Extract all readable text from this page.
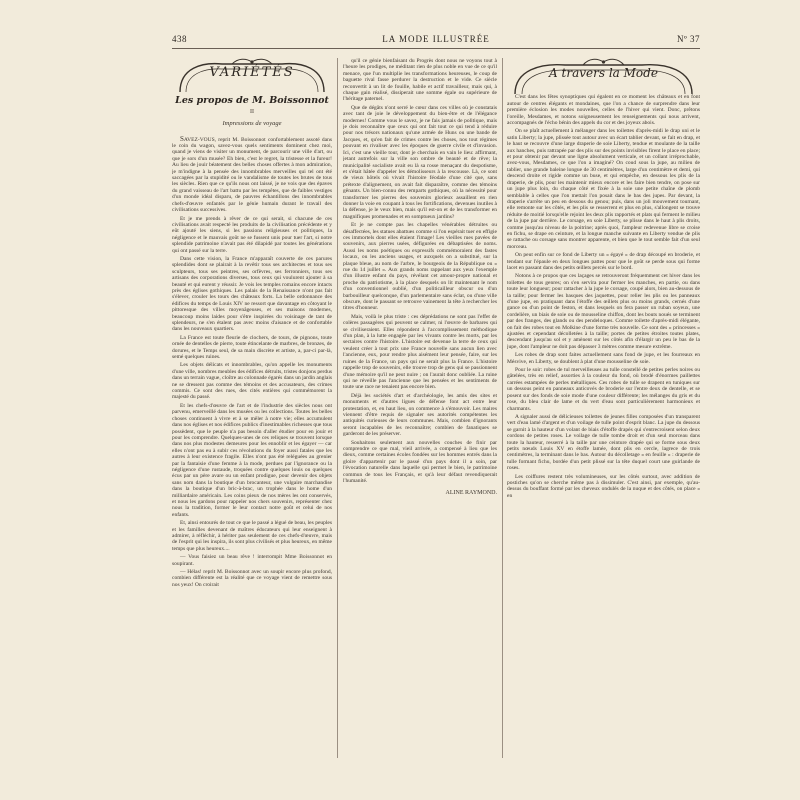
438	LA MODE ILLUSTRÉE	Nº 37
VARIÉTÉS
Les propos de M. Boissonnot
II
Impressions de voyage

SAVEZ-VOUS, reprit M. Boissonnot confortablement assoté dans le coin du wagon, savez-vous quels sentiments dominent chez moi, quand je viens de visiter un monument, de parcourir une ville d'art, ou que je sors d'un musée? Eh bien, c'est le regret, la tristesse et la fureur! Au lieu de jouir béatement des belles choses offertes à mon admiration, je m'indigne à la pensée des innombrables merveilles qui tel ont été saccagées par la stupidité ou le vandalisme de toutes les brutes de tous les siècles. Rien que ce qu'ils nous ont laissé, je ne vois que des épaves du grand vaisseau de l'art battu par les tempêtes, que de faibles vestiges d'un monde idéal disparu, de pauvres échantillons des innombrables chefs-d'œuvre enfantés par le génie humain durant le travail des civilisations successives.

Et je me prends à rêver de ce qui serait, si chacune de ces civilisations avait respecté les produits de la civilisation précédente et y eût ajouté les siens, si les passions religieuses et politiques, la négligence et le mauvais goût ne se fussent unis pour tuer l'art, si notre splendide patrimoine n'avait pas été dilapidé par toutes les générations qui ont passé sur la terre.

Dans cette vision, la France m'apparaît couverte de ces parures splendides dont se plairait à la revêtir tous ses architectes et tous ses sculpteurs, tous ses peintres, ses orfèvres, ses ferronniers, tous ses artisans des corporations diverses, tous ceux qui voulurent ajouter à sa beauté et qui eurent y réussir. Je vois les temples romains encore intacts près des églises gothiques. Les palais de la Renaissance n'ont pas fait s'élever, crouler les tours des châteaux forts. La belle ordonnance des édifices du temps de Louis XIV ne ressort que davantage en côtoyant le pittoresque des villes moyenâgeuses, et ses maisons modernes, beaucoup moins laides pour s'être inspirées du voisinage de tant de splendeurs, ne s'en étalent pas avec moins d'aisance et de confortable dans les nouveaux quartiers.

La France est toute fleurie de clochers, de tours, de pignons, toute ornée de dentelles de pierre, toute étincelante de marbres, de bronzes, de dorures, et le Temps seul, de sa main discrète et artiste, a, par-ci par-là, semé quelques ruines.

Les objets délicats et innombrables, qu'on appelle les monuments d'une ville, nombres meubles des édifices détruits, tristes donjons perdus dans un terrain vague, cloître au colonnade égarés dans un jardin anglais ne se dressent pas comme des témoins et des accusateurs, des crimes commis. Ce sont des rues, des cités entières qui commémorent la majesté du passé.

Et les chefs-d'œuvre de l'art et de l'industrie des siècles nous ont parvenu, emerveillé dans les musées ou les collections. Toutes les belles choses continuent à vivre et à se mêler à notre vie; elles accumulent dans nos églises et nos édifices publics d'inestimables richesses que tous possèdent, que le peuple n'a pas besoin d'aller étudier pour en jouir et pour les comprendre. Quelques-unes de ces reliques se trouvent lorsque dans nos plus modestes demeures pour les ennoblir et les égayer — car elles n'ont pas eu à subir ces révolutions du foyer aussi fatales que les autres à leur existence fragile. Elles n'ont pas été reléguées au grenier par la fantaisie d'une femme à la mode, perdues par l'ignorance ou la négligence d'une rustaude, troquées contre quelques louis ou quelques écus par un père avare ou un enfant prodigue, pour devenir des objets sans nom dans la boutique d'un brocanteur, une vulgaire marchandise dans la boutique d'un bric-à-brac, un trophée dans le home d'un milliardaire américain. Les coins pieux de nos mères les ont conservés, et nous les gardons pour rappeler nos chers souvenirs, représenter chez nous la tradition, former le leur contact notre goût et celui de nos enfants.

Et, ainsi entourés de tout ce que le passé a légué de beau, les peuples et les familles devenant de maîtres éducateurs qui leur enseignent à admirer, à réfléchir, à hériter pas seulement de ces chefs-d'œuvre, mais de l'esprit qui les inspira, ils sont plus civilisés et plus heureux, en même temps que plus heureux....

— Vous faisiez un beau rêve ! interrompit Mme Boissonnot en soupirant.

— Hélas! reprit M. Boissonnot avec un soupir encore plus profond, combien différente est la réalité que ce voyage vient de remettre sous nos yeux! On croirait

qu'il ce génie bienfaisant du Progrès dont nous ne voyons tout à l'heure les prodiges, ne méditant rien de plus noble en vue de ce qu'il menace, que l'un multiplie les transformations heureuses, le coup de baguette rival fasse perdurer la destruction et le vide. Ce siècle reconvertit à un lit de fouille, habile et actif travailleur, mais qui, à chaque gain réalisé, dissiperait une somme égale ou supérieure de l'héritage paternel.

Que de dégâts n'ont serré le cœur dans ces villes où je constatais avec tant de joie le développement du bien-être et de l'élégance modernes! Comme vous le savez, je ne fais jamais de politique, mais je dois reconnaître que ceux qui ont fait tout ce qui tend à réduire pour nos trésors nationaux qu'une armée de Huns ou une bande de Jacques, et, qu'en fait de crimes contre les choses, nos tout régimes pouvant en rivaliser avec les époques de guerre civile et d'invasion. Ici, c'est une vieille tour, dont je cherchais en vain le lieu: affirmant, jetant autrefois sur la ville son ombre de beauté et de rêve; la municipalité socialiste avait eu là sa rosse menaçant du despotisme, et s'était hâtée d'appeler les démolisseurs à la rescousse. Là, ce sont de vieux hôtels où vivait l'histoire féodale d'une cité que, sans prétexte d'alignement, on avait fait disparaître, comme des témoins gênants. Un bien-connu des remparts gothiques, où la nécessité pour transformer les pierres des souvenirs glorieux assaillent en rien donner la voie en coupant à tous les fortifications, devenues inutiles à la défense, je le veux bien, mais qu'il est-on et de les transformer en magnifiques promenades et en somptueux jardins?

Et je ne compte pas les chapelles vénérables détruites ou désaffectées, les statues abattues comme si l'on espérait tuer en effigie ces immortels dont elles étaient l'image! Les vieilles rues pavées de souvenirs, aux pierres usées, défigurées en débaptisées de noms. Aussi les noms poétiques ou expressifs commémoraient des fastes locaux, ou les anciens usages, et auxquels on a substitué, sur la plaque bleue, au nom de l'arbre, le bourgeois de la République ou « rue du 14 juillet ». Aux grands noms rappelant aux yeux l'exemple d'un illustre enfant du pays, révélant cet amour-propre national et proche du patriotisme, à la place desquels on lit maintenant le nom d'un conventionnel oublié, d'un politicailleur obscur ou d'un barbouilleur quelconque, d'un parlementaire sans éclat, ou d'une ville obscure, dont le passant se retrouve vainement la tête à rechercher les titres d'honneur.

Mais, voilà le plus triste : ces déprédations ne sont pas l'effet de colères passagères qui peuvent se calmer, ni l'œuvre de barbares qui se civiliseraient. Elles répondent à l'accomplissement méthodique d'un plan, à la lutte engagée par les vivants contre les morts, par les sectaires contre l'histoire. L'histoire est devenue la terre de ceux qui veulent créer à tout prix une France nouvelle sans aucun lien avec l'ancienne, eux, pour rendre plus aisément leur pensée, faire, sur les ruines de la France, un pays qui ne serait plus la France. L'histoire rappelle trop de souvenirs, elle trouve trop de gens qui se passionnent d'une mémoire qu'il ne peut nuire ; on l'aurait donc oubliée. La ruine qui ne réveille pas l'ancienne que les pensées et les sentiments de toute une race ne tenaient pas encore bien.

Déjà les sociétés d'art et d'archéologie, les amis des sites et monuments et d'autres ligues de défense font act entre leur protestation, et, en haut lieu, on commence à s'émouvoir. Les maires viennent d'être requis de signaler ses autorités compétentes les antiquités curieuses de leurs communes. Mais, combien d'ignorants seront incapables de les reconnaître; combien de fanatiques se garderont de les préserver.

Souhaitons seulement aux nouvelles couches de finir par comprendre ce que mal, vieil arrivée, a compensé à lieu que les dieux, comme certaines écoles fondées sur les hommes entrés dans la gloire d'appartenir par le passé d'un pays dont il a soin, par l'évocation naturelle dans laquelle qui permet le bien, le patrimoine commun de tous les Français, et qu'à leur défaut revendiquerait l'humanité.

ALINE RAYMOND.
A travers la Mode

C'est dans les fêtes synoptiques qui égalent en ce moment les châteaux et en font autour de centres élégants et mondaines, que l'on a chance de surprendre dans leur première éclosion les modes nouvelles, celles de l'hiver qui vient. Donc, prêtons l'oreille, Mesdames, et notons soigneusement les renseignements qui nous arrivent, accompagnés de l'écho bénin des appels du cor et des joyeux abois.

On se plaît actuellement à mélanger dans les toilettes d'après-midi le drap uni et le satin Liberty; la jupe, plissée tout autour avec un écart tablier devant, se fait en drap, et le haut se recouvre d'une large draperie de soie Liberty, tendue et moulante de la taille aux hanches, puis rattrapée par des plis sur des points invisibles firent le place en place; et pour obtenir par devant une ligne absolument verticale, et un collant irréprochable, avez-vous, Mesdames, ce que l'on a imaginé? On coud sous la jupe, au milieu de tablier, une grande baleine longue de 30 centimètres, large d'un centimètre et demi, qui descend droite et rigide comme un buse, et qui empêche, en dessous les plis de la draperie, de plis, pour les maintenir mieux encore et les faire bien tendre, on pose sur un jupe plus loin, du chaque côté et fixée à la soie une petite chaîne de plomb semblable à celles que l'on mettait l'on posait dans le bas des jupes. Par devant, la draperie s'arrête un peu en dessous du genou; puis, dans un joli mouvement tournant, elle remonte sur les côtés, et les plis se resserrent et plus en plus, s'allongent se trouve réduite de moitié lorsqu'elle rejoint les deux plis rapportés et plats qui ferment le milieu de la jupe par derrière. Le corsage, en soie Liberty, se plisse dans le haut à plis droits, comme jusqu'au niveau de la poitrine; après quoi, l'ampleur redevenue libre se croise en fichu, se drape en ceinture, et la longue manche suivante en Liberty vendue de plis se rattache ou corsage sans montrer apparente, et bien que le tout semble fait d'un seul morceau.

On peut enfin sur ce fond de Liberty un « égayé » de drap découpé en broderie, et tendant sur l'épaule en deux longues pattes pour que le goût se perde sous qui forme lacet en passant dans des petits œillets percés sur le bord.

Notons à ce propos que ces laçages se retrouveront fréquemment cet hiver dans les toilettes de tous genres; on s'en servira pour fermer les manches, en partie, ou dans toute leur longueur; pour rattacher à la jupe le corsage, coupé alors, bien au-dessous de la taille; pour fermer les basques des jaquettes, pour relier les plis ou les panneaux d'une jupe, en pratiquant dans l'étoffe des œillets plus ou moins grands, cernés d'une gance ou d'un point de feston, et dans lesquels on fera passer un ruban soyeux, une cordelière, un biais de soie ou de mousseline chiffon, dont les bouts noués se terminent par des franges, des glands ou des pendeloques. Comme toilette d'après-midi élégante, on fait des robes tout en Molkine d'une forme très nouvelle. Ce sont des « princesses » ajustées et cependant décolletées à la taille; portes de petites étroites toutes plates, descendant jusqu'au sol et y amènent sur les côtés afin d'élargir un peu le bas de la jupe, dont l'ampleur ne doit pas dépasser 3 mètres comme mesure extrême.

Les robes de drap sont faites actuellement sans fond de jupe, et les fourreaux en Mésvive, en Liberty, se doublent à plat d'une mousseline de soie.

Pour le soir: robes de tul merveilleuses au tulle constellé de petites perles noires ou gâtelées, très en relief, assorties à la couleur du fond, où brodé d'énormes paillettes carrées estampées de perles métalliques. Ces robes de tulle se drapent en tuniques sur un dessous peint en panneaux anticovés de broderie sur l'entre deux de dentelle, et se posent sur des fonds de soie mode d'une couleur différente; les mélanges du gris et du rose, du bleu clair de lame et du vert d'eau sont particulièrement harmonieux et charmants.

A signaler aussi de délicieuses toilettes de jeunes filles composées d'un transparent vert d'eau lamé d'argent et d'un voilage de tulle point d'esprit blanc. La jupe du dessous se garnit à la hauteur d'un volant de biais d'étoffe drapés qui s'entrecroisent selon deux cordons de petites roses. Le voilage de tulle tombe droit et d'un seul morceau dans toute la hauteur, resserré à la taille par une ceinture drapée qui se forme sous deux petits nœuds Louis XV en étoffe lamée, dont plis en cercle, lagrece de trois centimètres, la terminant dans le bas. Autour du décolletage « en feuille » : draperie de tulle formant fichu, bordée d'un petit plissé sur la tête duquel court une guirlande de roses.

Les coiffures restent très volumineuses, sur les côtés surtout, avec addition de postiches qu'on se cherche même pas à dissimuler. C'est ainsi, par exemple, qu'au-dessus du bouffant formé par les cheveux ondulés de la nuque et des côtés, on place « en
